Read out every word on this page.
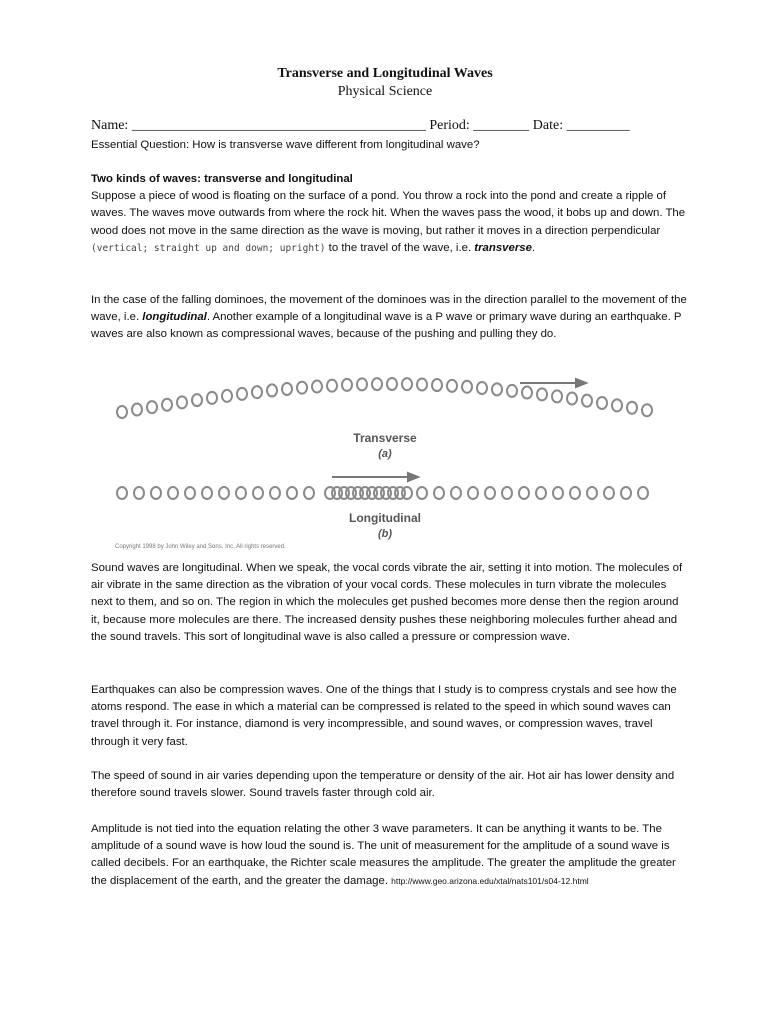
Transverse and Longitudinal Waves
Physical Science
Name: __________________________________________ Period: ________ Date: _________
Essential Question: How is transverse wave different from longitudinal wave?

Two kinds of waves: transverse and longitudinal

Suppose a piece of wood is floating on the surface of a pond. You throw a rock into the pond and create a ripple of waves. The waves move outwards from where the rock hit. When the waves pass the wood, it bobs up and down. The wood does not move in the same direction as the wave is moving, but rather it moves in a direction perpendicular (vertical; straight up and down; upright) to the travel of the wave, i.e. transverse.

In the case of the falling dominoes, the movement of the dominoes was in the direction parallel to the movement of the wave, i.e. longitudinal. Another example of a longitudinal wave is a P wave or primary wave during an earthquake. P waves are also known as compressional waves, because of the pushing and pulling they do.

Transverse
(a)
Longitudinal
(b)
Copyright 1998 by John Wiley and Sons, Inc. All rights reserved.
Sound waves are longitudinal. When we speak, the vocal cords vibrate the air, setting it into motion. The molecules of air vibrate in the same direction as the vibration of your vocal cords. These molecules in turn vibrate the molecules next to them, and so on. The region in which the molecules get pushed becomes more dense then the region around it, because more molecules are there. The increased density pushes these neighboring molecules further ahead and the sound travels. This sort of longitudinal wave is also called a pressure or compression wave.
Earthquakes can also be compression waves. One of the things that I study is to compress crystals and see how the atoms respond. The ease in which a material can be compressed is related to the speed in which sound waves can travel through it. For instance, diamond is very incompressible, and sound waves, or compression waves, travel through it very fast.
The speed of sound in air varies depending upon the temperature or density of the air. Hot air has lower density and therefore sound travels slower. Sound travels faster through cold air.

Amplitude is not tied into the equation relating the other 3 wave parameters. It can be anything it wants to be. The amplitude of a sound wave is how loud the sound is. The unit of measurement for the amplitude of a sound wave is called decibels. For an earthquake, the Richter scale measures the amplitude. The greater the amplitude the greater the displacement of the earth, and the greater the damage. http://www.geo.arizona.edu/xtal/nats101/s04-12.html
